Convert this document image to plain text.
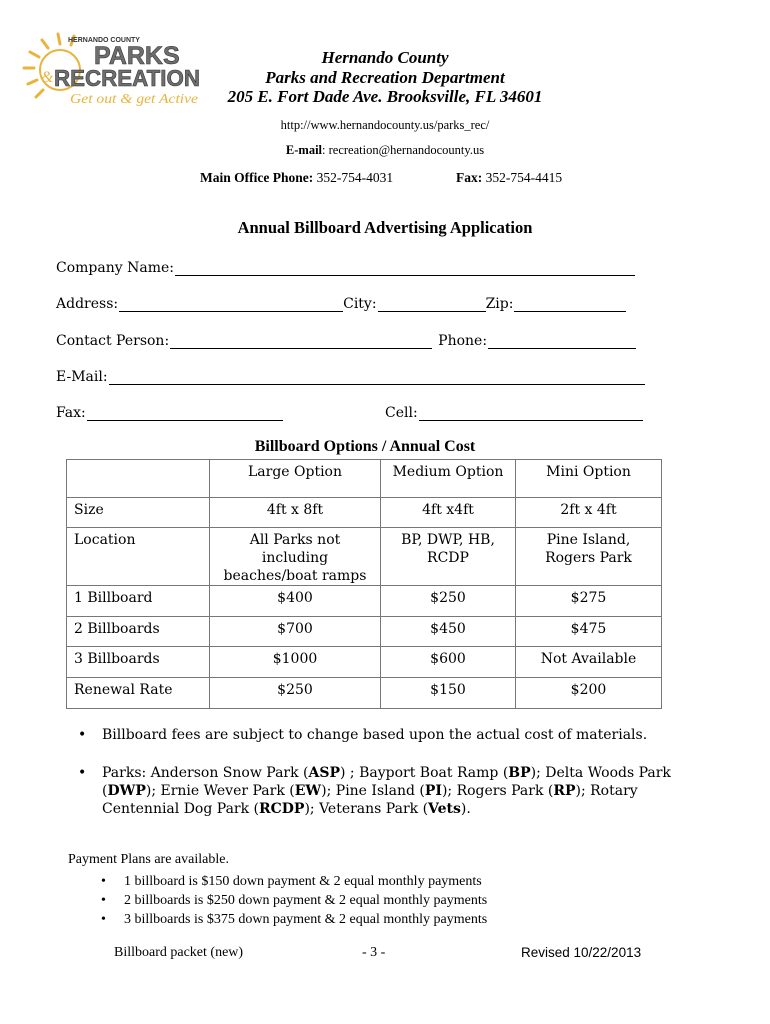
HERNANDO COUNTY
PARKS
& RECREATION
Get out & get Active
Hernando County
Parks and Recreation Department
205 E. Fort Dade Ave. Brooksville, FL 34601
http://www.hernandocounty.us/parks_rec/
E-mail: recreation@hernandocounty.us
Main Office Phone: 352-754-4031	Fax: 352-754-4415
Annual Billboard Advertising Application
Company Name:
Address:	City:	Zip:
Contact Person:	Phone:
E-Mail:
Fax:	Cell:
Billboard Options / Annual Cost
	Large Option	Medium Option	Mini Option
Size	4ft x 8ft	4ft x4ft	2ft x 4ft
Location	All Parks not including beaches/boat ramps	BP, DWP, HB, RCDP	Pine Island, Rogers Park
1 Billboard	$400	$250	$275
2 Billboards	$700	$450	$475
3 Billboards	$1000	$600	Not Available
Renewal Rate	$250	$150	$200
• Billboard fees are subject to change based upon the actual cost of materials.
• Parks: Anderson Snow Park (ASP) ; Bayport Boat Ramp (BP); Delta Woods Park (DWP); Ernie Wever Park (EW); Pine Island (PI); Rogers Park (RP); Rotary Centennial Dog Park (RCDP); Veterans Park (Vets).
Payment Plans are available.
• 1 billboard is $150 down payment & 2 equal monthly payments
• 2 billboards is $250 down payment & 2 equal monthly payments
• 3 billboards is $375 down payment & 2 equal monthly payments
Billboard packet (new)	- 3 -	Revised 10/22/2013
